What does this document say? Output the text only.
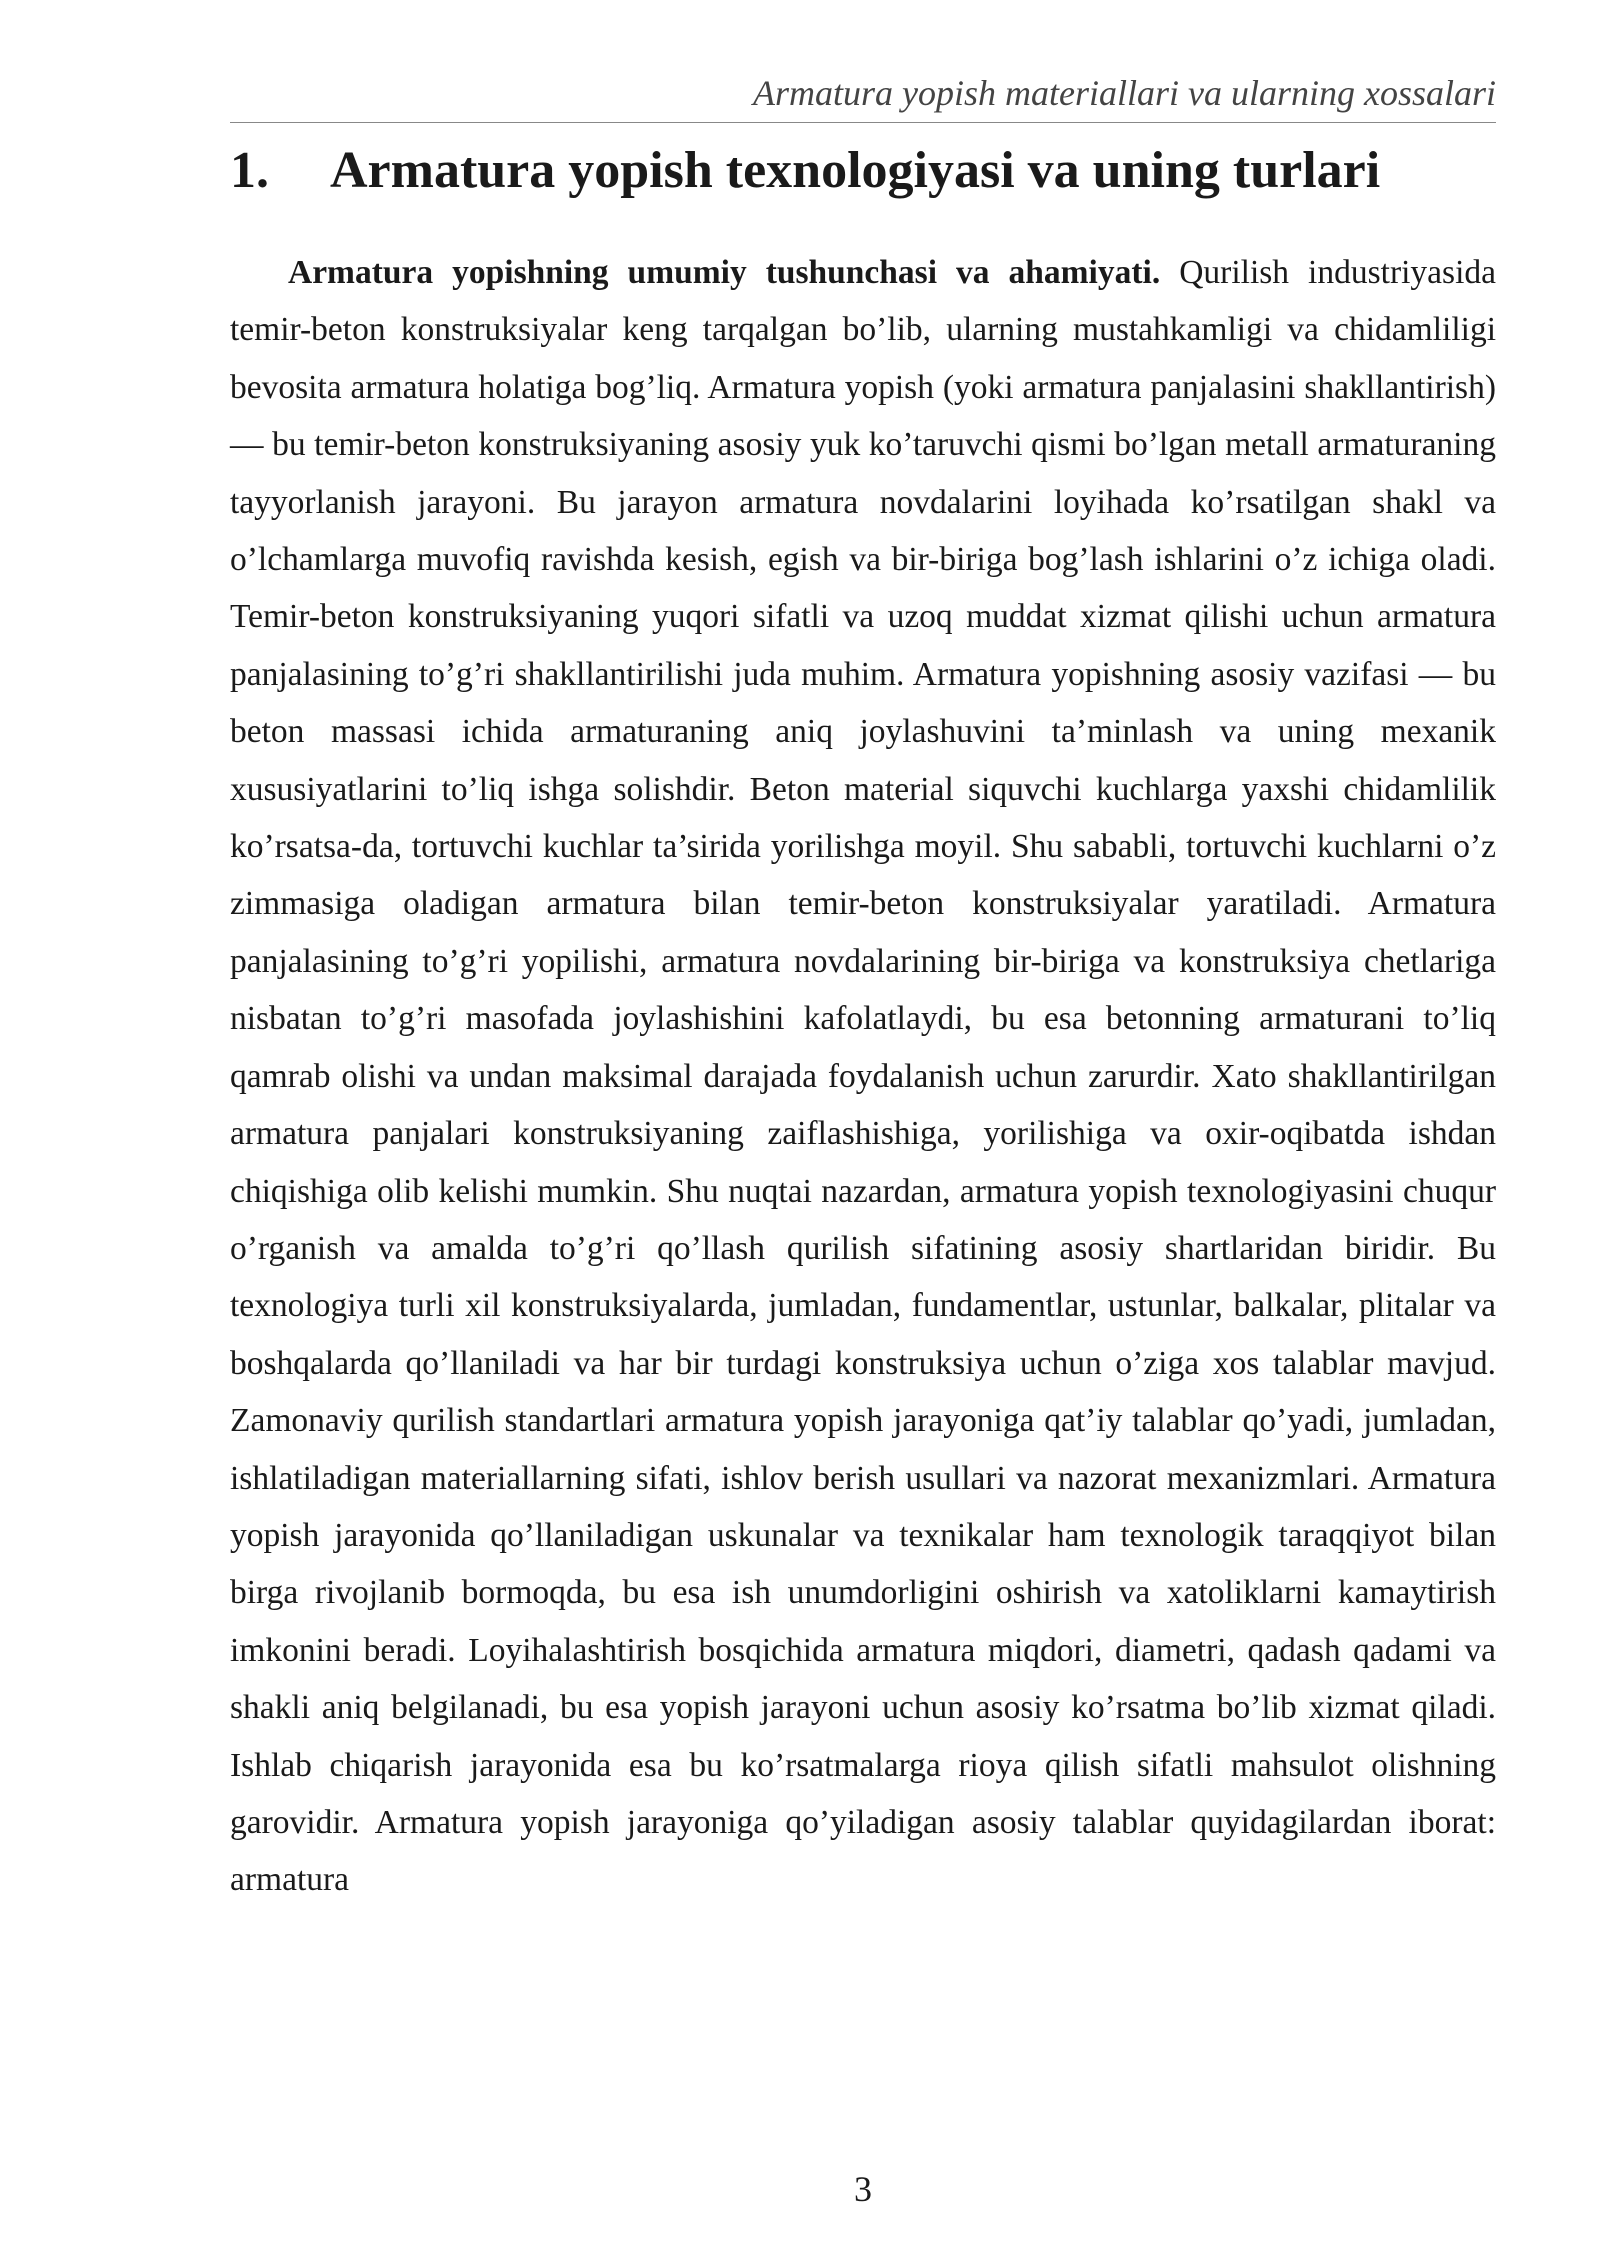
Armatura yopish materiallari va ularning xossalari
1. Armatura yopish texnologiyasi va uning turlari

Armatura yopishning umumiy tushunchasi va ahamiyati. Qurilish industriyasida temir-beton konstruksiyalar keng tarqalgan bo’lib, ularning mustahkamligi va chidamliligi bevosita armatura holatiga bog’liq. Armatura yopish (yoki armatura panjalasini shakllantirish) — bu temir-beton konstruksiyaning asosiy yuk ko’taruvchi qismi bo’lgan metall armaturaning tayyorlanish jarayoni. Bu jarayon armatura novdalarini loyihada ko’rsatilgan shakl va o’lchamlarga muvofiq ravishda kesish, egish va bir-biriga bog’lash ishlarini o’z ichiga oladi. Temir-beton konstruksiyaning yuqori sifatli va uzoq muddat xizmat qilishi uchun armatura panjalasining to’g’ri shakllantirilishi juda muhim. Armatura yopishning asosiy vazifasi — bu beton massasi ichida armaturaning aniq joylashuvini ta’minlash va uning mexanik xususiyatlarini to’liq ishga solishdir. Beton material siquvchi kuchlarga yaxshi chidamlilik ko’rsatsa-da, tortuvchi kuchlar ta’sirida yorilishga moyil. Shu sababli, tortuvchi kuchlarni o’z zimmasiga oladigan armatura bilan temir-beton konstruksiyalar yaratiladi. Armatura panjalasining to’g’ri yopilishi, armatura novdalarining bir-biriga va konstruksiya chetlariga nisbatan to’g’ri masofada joylashishini kafolatlaydi, bu esa betonning armaturani to’liq qamrab olishi va undan maksimal darajada foydalanish uchun zarurdir. Xato shakllantirilgan armatura panjalari konstruksiyaning zaiflashishiga, yorilishiga va oxir-oqibatda ishdan chiqishiga olib kelishi mumkin. Shu nuqtai nazardan, armatura yopish texnologiyasini chuqur o’rganish va amalda to’g’ri qo’llash qurilish sifatining asosiy shartlaridan biridir. Bu texnologiya turli xil konstruksiyalarda, jumladan, fundamentlar, ustunlar, balkalar, plitalar va boshqalarda qo’llaniladi va har bir turdagi konstruksiya uchun o’ziga xos talablar mavjud. Zamonaviy qurilish standartlari armatura yopish jarayoniga qat’iy talablar qo’yadi, jumladan, ishlatiladigan materiallarning sifati, ishlov berish usullari va nazorat mexanizmlari. Armatura yopish jarayonida qo’llaniladigan uskunalar va texnikalar ham texnologik taraqqiyot bilan birga rivojlanib bormoqda, bu esa ish unumdorligini oshirish va xatoliklarni kamaytirish imkonini beradi. Loyihalashtirish bosqichida armatura miqdori, diametri, qadash qadami va shakli aniq belgilanadi, bu esa yopish jarayoni uchun asosiy ko’rsatma bo’lib xizmat qiladi. Ishlab chiqarish jarayonida esa bu ko’rsatmalarga rioya qilish sifatli mahsulot olishning garovidir. Armatura yopish jarayoniga qo’yiladigan asosiy talablar quyidagilardan iborat: armatura

3
